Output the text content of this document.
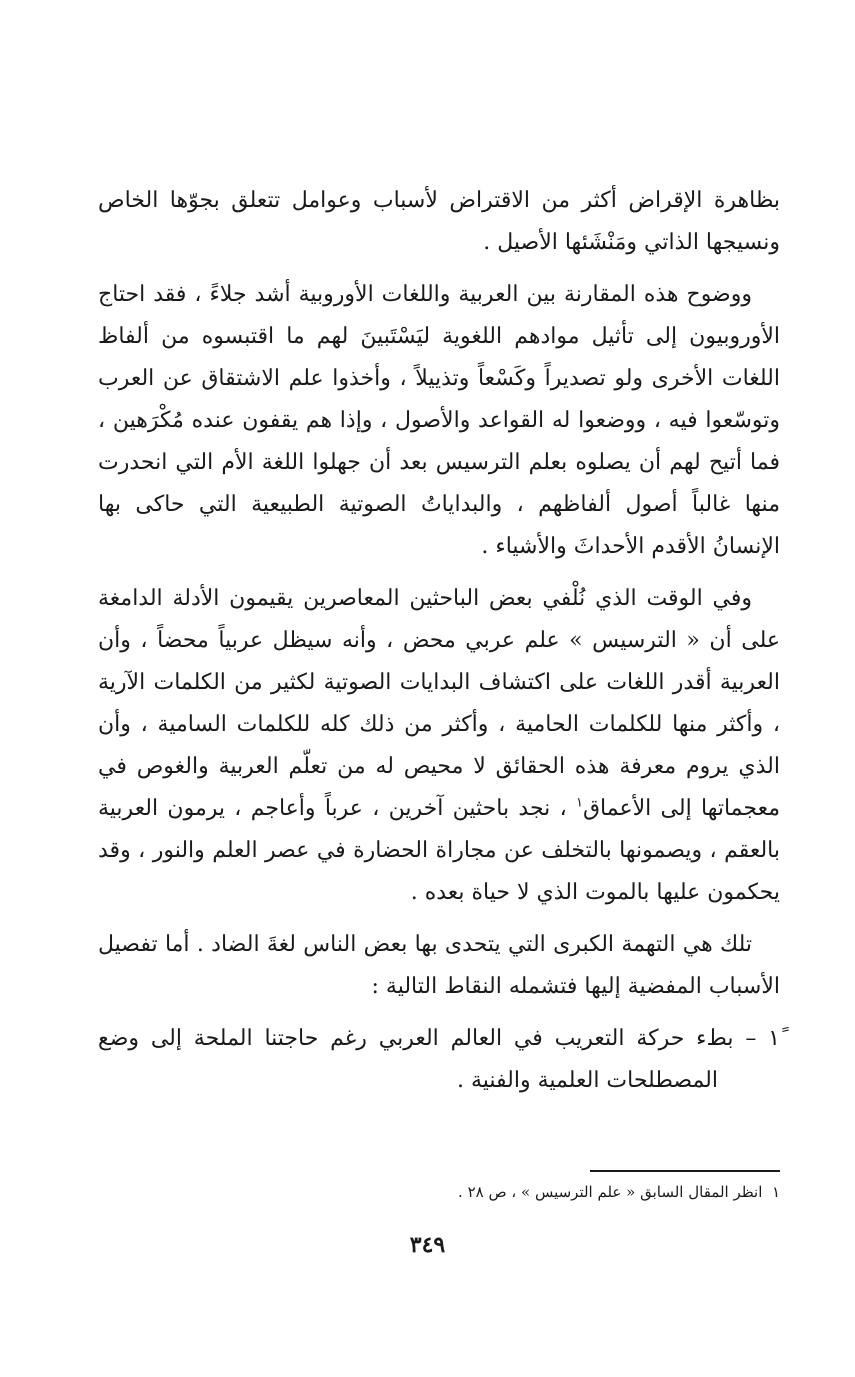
بظاهرة الإقراض أكثر من الاقتراض لأسباب وعوامل تتعلق بجوّها الخاص ونسيجها الذاتي ومَنْشَئها الأصيل .

ووضوح هذه المقارنة بين العربية واللغات الأوروبية أشد جلاءً ، فقد احتاج الأوروبيون إلى تأثيل موادهم اللغوية ليَسْتَبينَ لهم ما اقتبسوه من ألفاظ اللغات الأخرى ولو تصديراً وكَسْعاً وتذييلاً ، وأخذوا علم الاشتقاق عن العرب وتوسّعوا فيه ، ووضعوا له القواعد والأصول ، وإذا هم يقفون عنده مُكْرَهين ، فما أتيح لهم أن يصلوه بعلم الترسيس بعد أن جهلوا اللغة الأم التي انحدرت منها غالباً أصول ألفاظهم ، والبداياتُ الصوتية الطبيعية التي حاكى بها الإنسانُ الأقدم الأحداثَ والأشياء .

وفي الوقت الذي نُلْفي بعض الباحثين المعاصرين يقيمون الأدلة الدامغة على أن « الترسيس » علم عربي محض ، وأنه سيظل عربياً محضاً ، وأن العربية أقدر اللغات على اكتشاف البدايات الصوتية لكثير من الكلمات الآرية ، وأكثر منها للكلمات الحامية ، وأكثر من ذلك كله للكلمات السامية ، وأن الذي يروم معرفة هذه الحقائق لا محيص له من تعلّم العربية والغوص في معجماتها إلى الأعماق$^١$ ، نجد باحثين آخرين ، عرباً وأعاجم ، يرمون العربية بالعقم ، ويصمونها بالتخلف عن مجاراة الحضارة في عصر العلم والنور ، وقد يحكمون عليها بالموت الذي لا حياة بعده .

تلك هي التهمة الكبرى التي يتحدى بها بعض الناس لغةَ الضاد . أما تفصيل الأسباب المفضية إليها فتشمله النقاط التالية :

١ً – بطء حركة التعريب في العالم العربي رغم حاجتنا الملحة إلى وضع المصطلحات العلمية والفنية .

١  انظر المقال السابق « علم الترسيس » ، ص ٢٨ .
٣٤٩
